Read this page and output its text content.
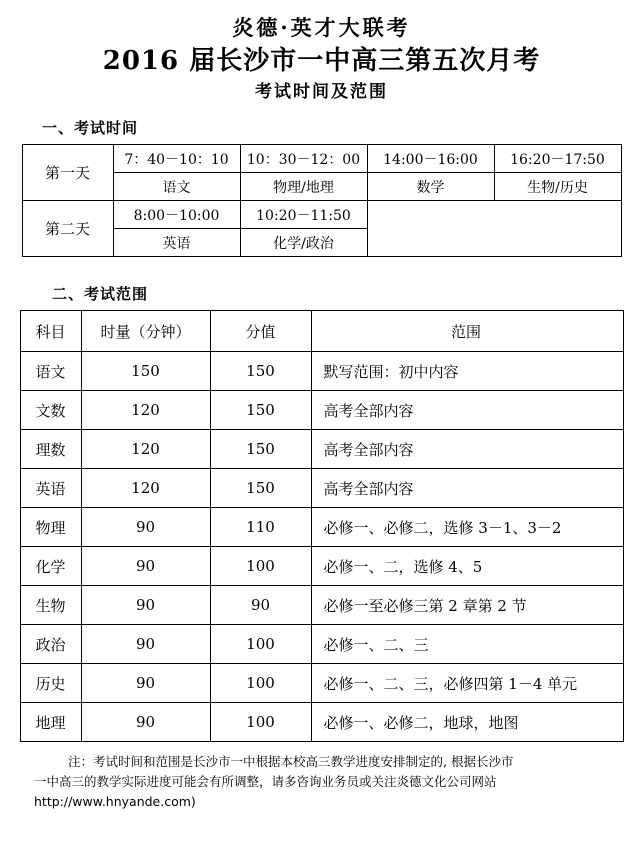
炎德·英才大联考
2016 届长沙市一中高三第五次月考
考试时间及范围
一、考试时间
第一天	7：40－10：10	10：30－12：00	14:00－16:00	16:20－17:50
	语文	物理/地理	数学	生物/历史
第二天	8:00－10:00	10:20－11:50		
	英语	化学/政治		
二、考试范围
科目	时量（分钟）	分值	范围
语文	150	150	默写范围：初中内容
文数	120	150	高考全部内容
理数	120	150	高考全部内容
英语	120	150	高考全部内容
物理	90	110	必修一、必修二，选修 3－1、3－2
化学	90	100	必修一、二，选修 4、5
生物	90	90	必修一至必修三第 2 章第 2 节
政治	90	100	必修一、二、三
历史	90	100	必修一、二、三，必修四第 1－4 单元
地理	90	100	必修一、必修二，地球，地图
注：考试时间和范围是长沙市一中根据本校高三教学进度安排制定的, 根据长沙市
一中高三的教学实际进度可能会有所调整，请多咨询业务员或关注炎德文化公司网站
http://www.hnyande.com)
